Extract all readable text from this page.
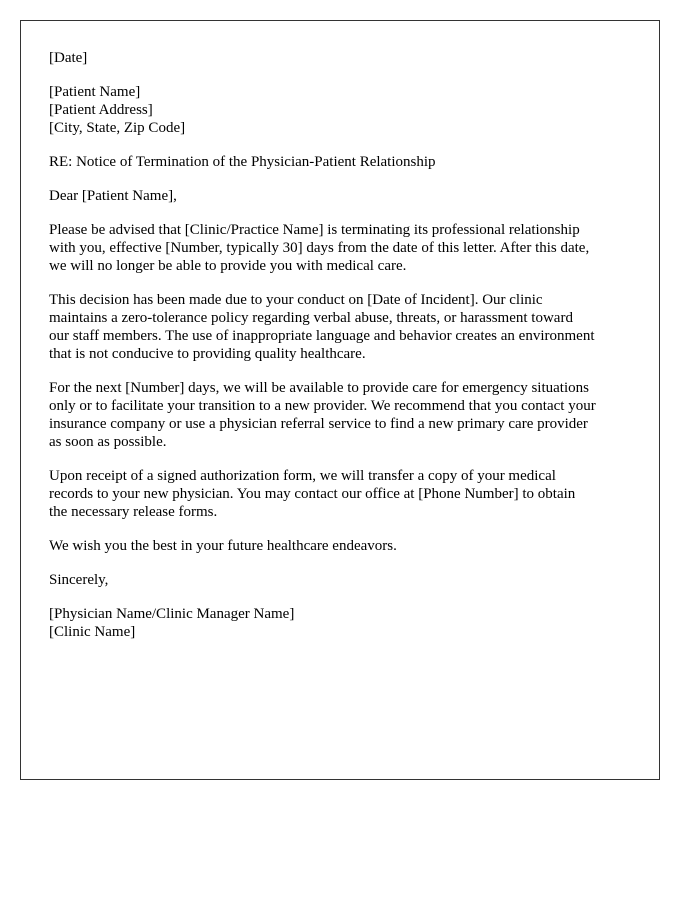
[Date]

[Patient Name]
[Patient Address]
[City, State, Zip Code]

RE: Notice of Termination of the Physician-Patient Relationship

Dear [Patient Name],

Please be advised that [Clinic/Practice Name] is terminating its professional relationship
with you, effective [Number, typically 30] days from the date of this letter. After this date,
we will no longer be able to provide you with medical care.

This decision has been made due to your conduct on [Date of Incident]. Our clinic
maintains a zero-tolerance policy regarding verbal abuse, threats, or harassment toward
our staff members. The use of inappropriate language and behavior creates an environment
that is not conducive to providing quality healthcare.

For the next [Number] days, we will be available to provide care for emergency situations
only or to facilitate your transition to a new provider. We recommend that you contact your
insurance company or use a physician referral service to find a new primary care provider
as soon as possible.

Upon receipt of a signed authorization form, we will transfer a copy of your medical
records to your new physician. You may contact our office at [Phone Number] to obtain
the necessary release forms.

We wish you the best in your future healthcare endeavors.

Sincerely,

[Physician Name/Clinic Manager Name]
[Clinic Name]
